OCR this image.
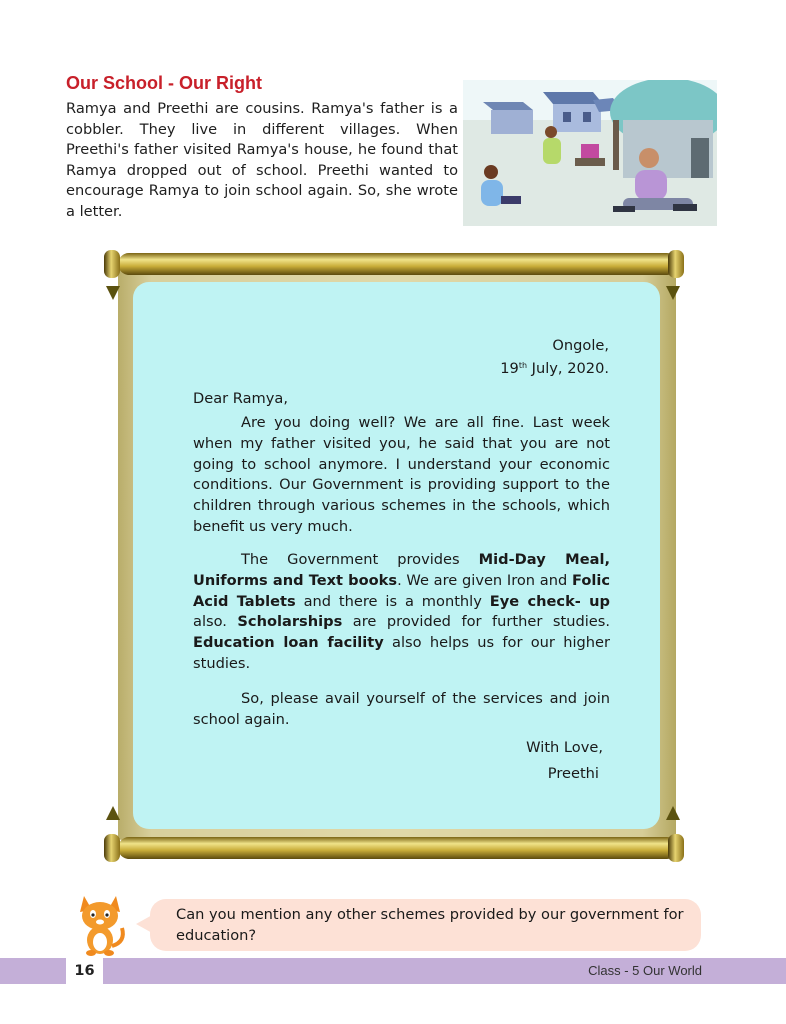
Our School - Our Right
Ramya and Preethi are cousins. Ramya's father is a cobbler. They live in different villages. When Preethi's father visited Ramya's house, he found that Ramya dropped out of school. Preethi wanted to encourage Ramya to join school again. So, she wrote a letter.
Ongole,
19th July, 2020.
Dear Ramya,

Are you doing well? We are all fine. Last week when my father visited you, he said that you are not going to school anymore. I understand your economic conditions. Our Government is providing support to the children through various schemes in the schools, which benefit us very much.

The Government provides Mid-Day Meal, Uniforms and Text books. We are given Iron and Folic Acid Tablets and there is a monthly Eye check- up also. Scholarships are provided for further studies. Education loan facility also helps us for our higher studies.

So, please avail yourself of the services and join school again.

With Love,
Preethi
Can you mention any other schemes provided by our government for education?
16	Class - 5 Our World
